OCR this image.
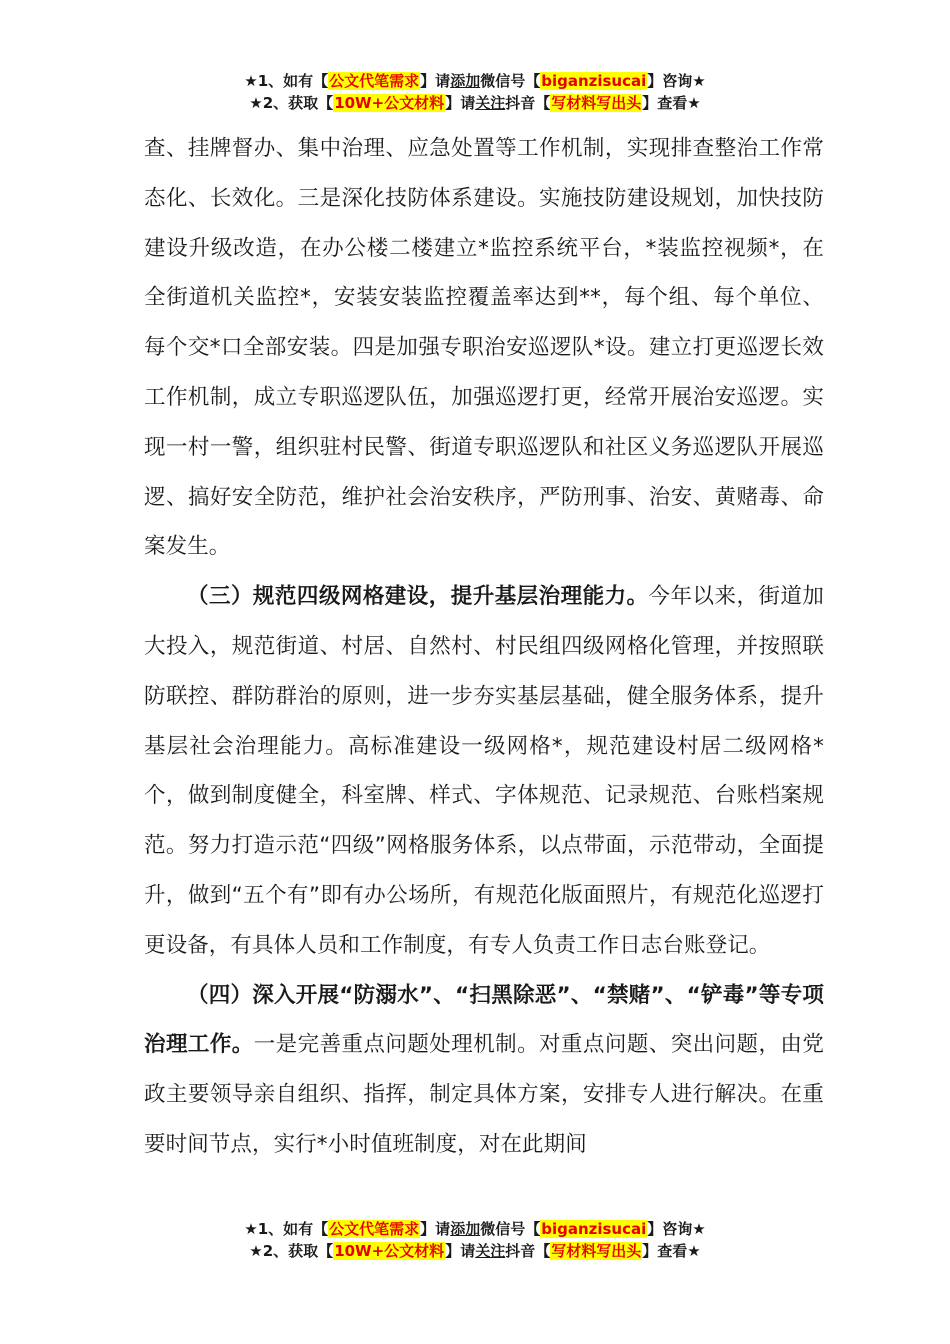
★1、如有【公文代笔需求】请添加微信号【biganzisucai】咨询★
★2、获取【10W+公文材料】请关注抖音【写材料写出头】查看★

查、挂牌督办、集中治理、应急处置等工作机制，实现排查整治工作常态化、长效化。三是深化技防体系建设。实施技防建设规划，加快技防建设升级改造，在办公楼二楼建立*监控系统平台，*装监控视频*，在全街道机关监控*，安装安装监控覆盖率达到**，每个组、每个单位、每个交*口全部安装。四是加强专职治安巡逻队*设。建立打更巡逻长效工作机制，成立专职巡逻队伍，加强巡逻打更，经常开展治安巡逻。实现一村一警，组织驻村民警、街道专职巡逻队和社区义务巡逻队开展巡逻、搞好安全防范，维护社会治安秩序，严防刑事、治安、黄赌毒、命案发生。

（三）规范四级网格建设，提升基层治理能力。今年以来，街道加大投入，规范街道、村居、自然村、村民组四级网格化管理，并按照联防联控、群防群治的原则，进一步夯实基层基础，健全服务体系，提升基层社会治理能力。高标准建设一级网格*，规范建设村居二级网格*个，做到制度健全，科室牌、样式、字体规范、记录规范、台账档案规范。努力打造示范“四级”网格服务体系，以点带面，示范带动，全面提升，做到“五个有”即有办公场所，有规范化版面照片，有规范化巡逻打更设备，有具体人员和工作制度，有专人负责工作日志台账登记。

（四）深入开展“防溺水”、“扫黑除恶”、“禁赌”、“铲毒”等专项治理工作。一是完善重点问题处理机制。对重点问题、突出问题，由党政主要领导亲自组织、指挥，制定具体方案，安排专人进行解决。在重要时间节点，实行*小时值班制度，对在此期间

★1、如有【公文代笔需求】请添加微信号【biganzisucai】咨询★
★2、获取【10W+公文材料】请关注抖音【写材料写出头】查看★
